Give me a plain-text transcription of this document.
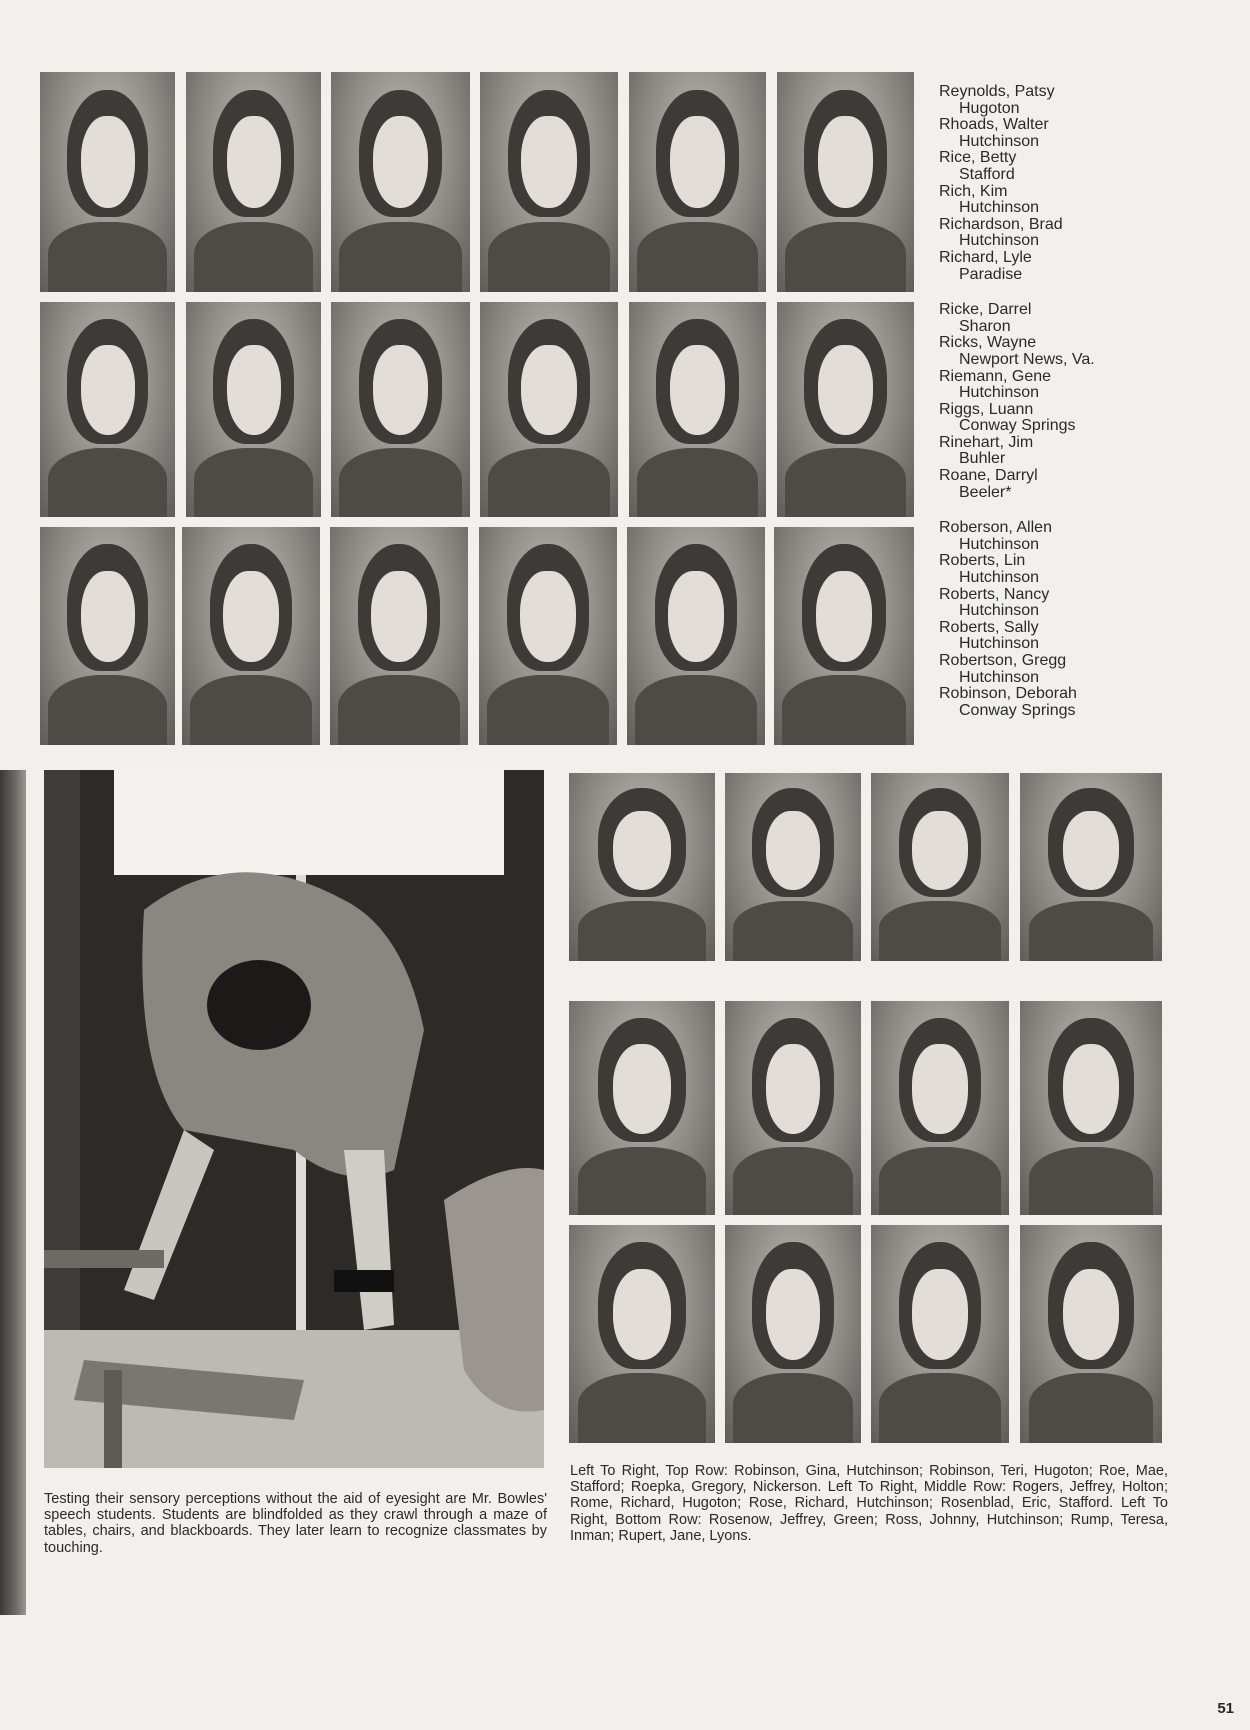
Reynolds, Patsy
Hugoton
Rhoads, Walter
Hutchinson
Rice, Betty
Stafford
Rich, Kim
Hutchinson
Richardson, Brad
Hutchinson
Richard, Lyle
Paradise
Ricke, Darrel
Sharon
Ricks, Wayne
Newport News, Va.
Riemann, Gene
Hutchinson
Riggs, Luann
Conway Springs
Rinehart, Jim
Buhler
Roane, Darryl
Beeler*
Roberson, Allen
Hutchinson
Roberts, Lin
Hutchinson
Roberts, Nancy
Hutchinson
Roberts, Sally
Hutchinson
Robertson, Gregg
Hutchinson
Robinson, Deborah
Conway Springs

Testing their sensory perceptions without the aid of eyesight are Mr. Bowles' speech students. Students are blindfolded as they crawl through a maze of tables, chairs, and blackboards. They later learn to recognize classmates by touching.

Left To Right, Top Row: Robinson, Gina, Hutchinson; Robinson, Teri, Hugoton; Roe, Mae, Stafford; Roepka, Gregory, Nickerson. Left To Right, Middle Row: Rogers, Jeffrey, Holton; Rome, Richard, Hugoton; Rose, Richard, Hutchinson; Rosenblad, Eric, Stafford. Left To Right, Bottom Row: Rosenow, Jeffrey, Green; Ross, Johnny, Hutchinson; Rump, Teresa, Inman; Rupert, Jane, Lyons.

51
